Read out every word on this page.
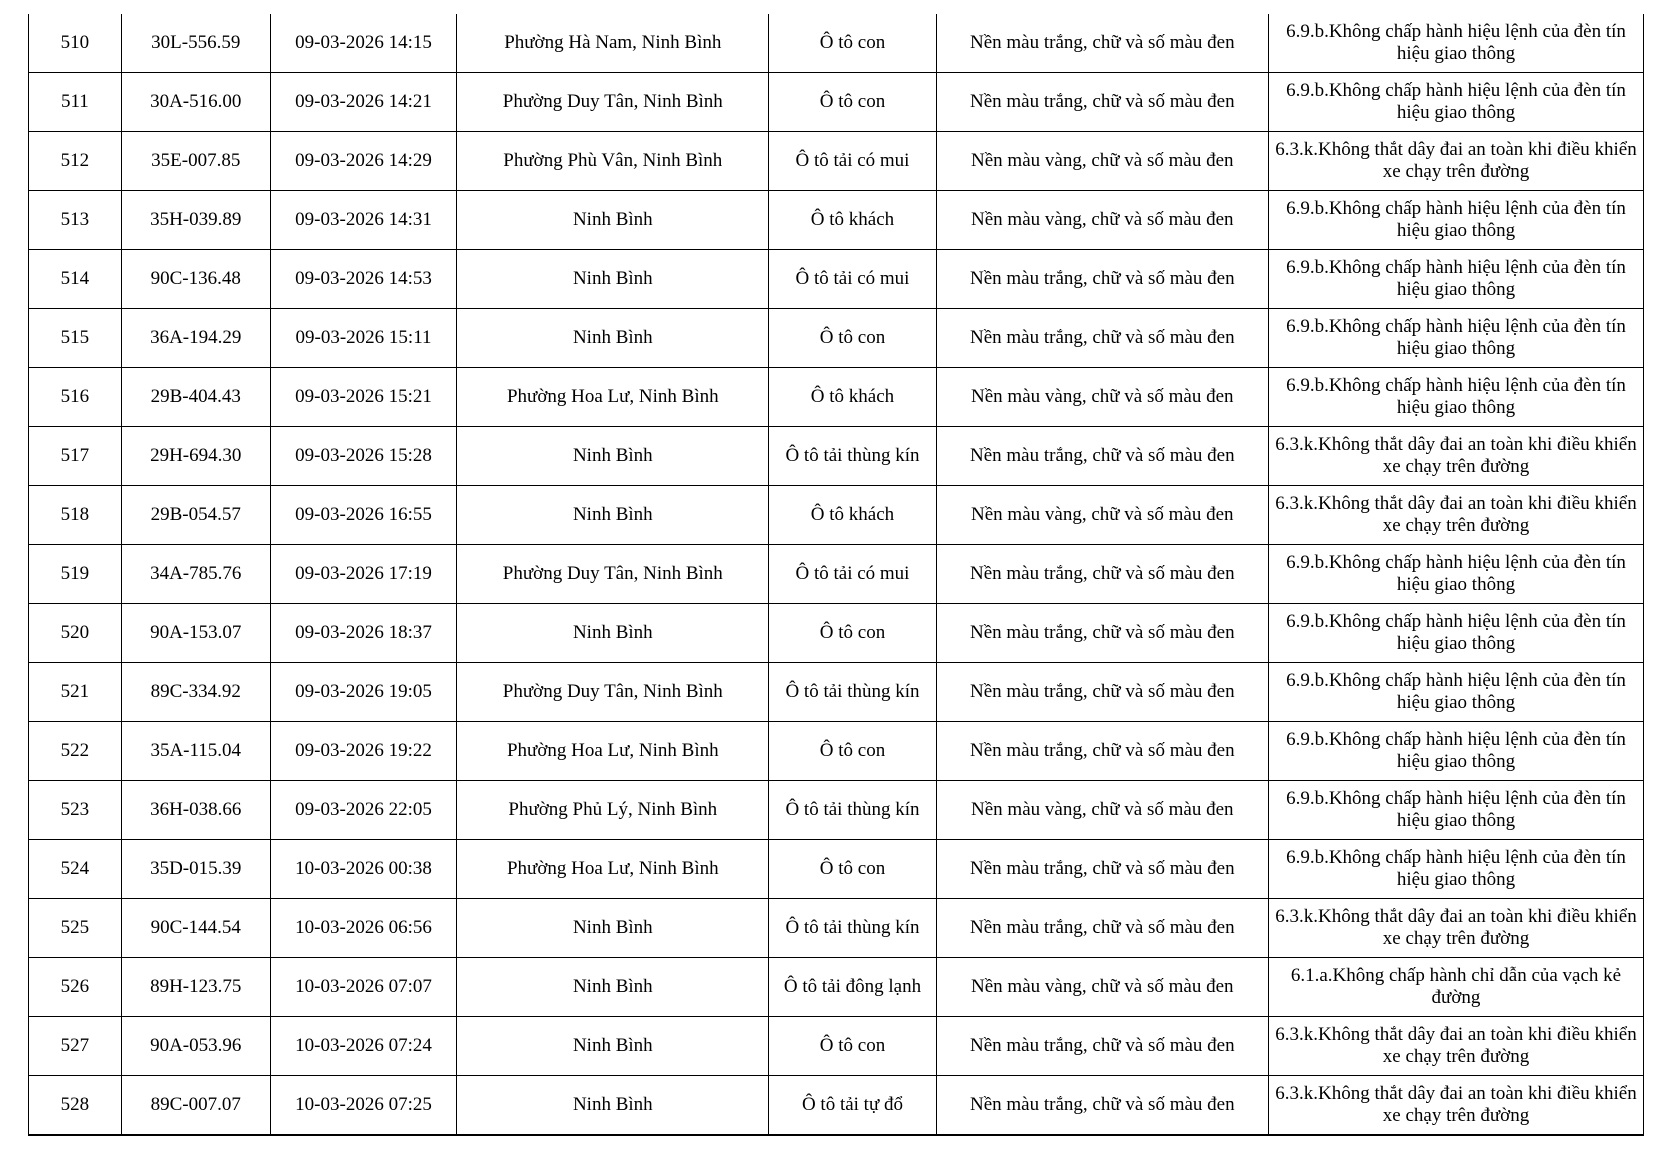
510	30L-556.59	09-03-2026 14:15	Phường Hà Nam, Ninh Bình	Ô tô con	Nền màu trắng, chữ và số màu đen	6.9.b.Không chấp hành hiệu lệnh của đèn tín hiệu giao thông
511	30A-516.00	09-03-2026 14:21	Phường Duy Tân, Ninh Bình	Ô tô con	Nền màu trắng, chữ và số màu đen	6.9.b.Không chấp hành hiệu lệnh của đèn tín hiệu giao thông
512	35E-007.85	09-03-2026 14:29	Phường Phù Vân, Ninh Bình	Ô tô tải có mui	Nền màu vàng, chữ và số màu đen	6.3.k.Không thắt dây đai an toàn khi điều khiển xe chạy trên đường
513	35H-039.89	09-03-2026 14:31	Ninh Bình	Ô tô khách	Nền màu vàng, chữ và số màu đen	6.9.b.Không chấp hành hiệu lệnh của đèn tín hiệu giao thông
514	90C-136.48	09-03-2026 14:53	Ninh Bình	Ô tô tải có mui	Nền màu trắng, chữ và số màu đen	6.9.b.Không chấp hành hiệu lệnh của đèn tín hiệu giao thông
515	36A-194.29	09-03-2026 15:11	Ninh Bình	Ô tô con	Nền màu trắng, chữ và số màu đen	6.9.b.Không chấp hành hiệu lệnh của đèn tín hiệu giao thông
516	29B-404.43	09-03-2026 15:21	Phường Hoa Lư, Ninh Bình	Ô tô khách	Nền màu vàng, chữ và số màu đen	6.9.b.Không chấp hành hiệu lệnh của đèn tín hiệu giao thông
517	29H-694.30	09-03-2026 15:28	Ninh Bình	Ô tô tải thùng kín	Nền màu trắng, chữ và số màu đen	6.3.k.Không thắt dây đai an toàn khi điều khiển xe chạy trên đường
518	29B-054.57	09-03-2026 16:55	Ninh Bình	Ô tô khách	Nền màu vàng, chữ và số màu đen	6.3.k.Không thắt dây đai an toàn khi điều khiển xe chạy trên đường
519	34A-785.76	09-03-2026 17:19	Phường Duy Tân, Ninh Bình	Ô tô tải có mui	Nền màu trắng, chữ và số màu đen	6.9.b.Không chấp hành hiệu lệnh của đèn tín hiệu giao thông
520	90A-153.07	09-03-2026 18:37	Ninh Bình	Ô tô con	Nền màu trắng, chữ và số màu đen	6.9.b.Không chấp hành hiệu lệnh của đèn tín hiệu giao thông
521	89C-334.92	09-03-2026 19:05	Phường Duy Tân, Ninh Bình	Ô tô tải thùng kín	Nền màu trắng, chữ và số màu đen	6.9.b.Không chấp hành hiệu lệnh của đèn tín hiệu giao thông
522	35A-115.04	09-03-2026 19:22	Phường Hoa Lư, Ninh Bình	Ô tô con	Nền màu trắng, chữ và số màu đen	6.9.b.Không chấp hành hiệu lệnh của đèn tín hiệu giao thông
523	36H-038.66	09-03-2026 22:05	Phường Phủ Lý, Ninh Bình	Ô tô tải thùng kín	Nền màu vàng, chữ và số màu đen	6.9.b.Không chấp hành hiệu lệnh của đèn tín hiệu giao thông
524	35D-015.39	10-03-2026 00:38	Phường Hoa Lư, Ninh Bình	Ô tô con	Nền màu trắng, chữ và số màu đen	6.9.b.Không chấp hành hiệu lệnh của đèn tín hiệu giao thông
525	90C-144.54	10-03-2026 06:56	Ninh Bình	Ô tô tải thùng kín	Nền màu trắng, chữ và số màu đen	6.3.k.Không thắt dây đai an toàn khi điều khiển xe chạy trên đường
526	89H-123.75	10-03-2026 07:07	Ninh Bình	Ô tô tải đông lạnh	Nền màu vàng, chữ và số màu đen	6.1.a.Không chấp hành chỉ dẫn của vạch kẻ đường
527	90A-053.96	10-03-2026 07:24	Ninh Bình	Ô tô con	Nền màu trắng, chữ và số màu đen	6.3.k.Không thắt dây đai an toàn khi điều khiển xe chạy trên đường
528	89C-007.07	10-03-2026 07:25	Ninh Bình	Ô tô tải tự đổ	Nền màu trắng, chữ và số màu đen	6.3.k.Không thắt dây đai an toàn khi điều khiển xe chạy trên đường
